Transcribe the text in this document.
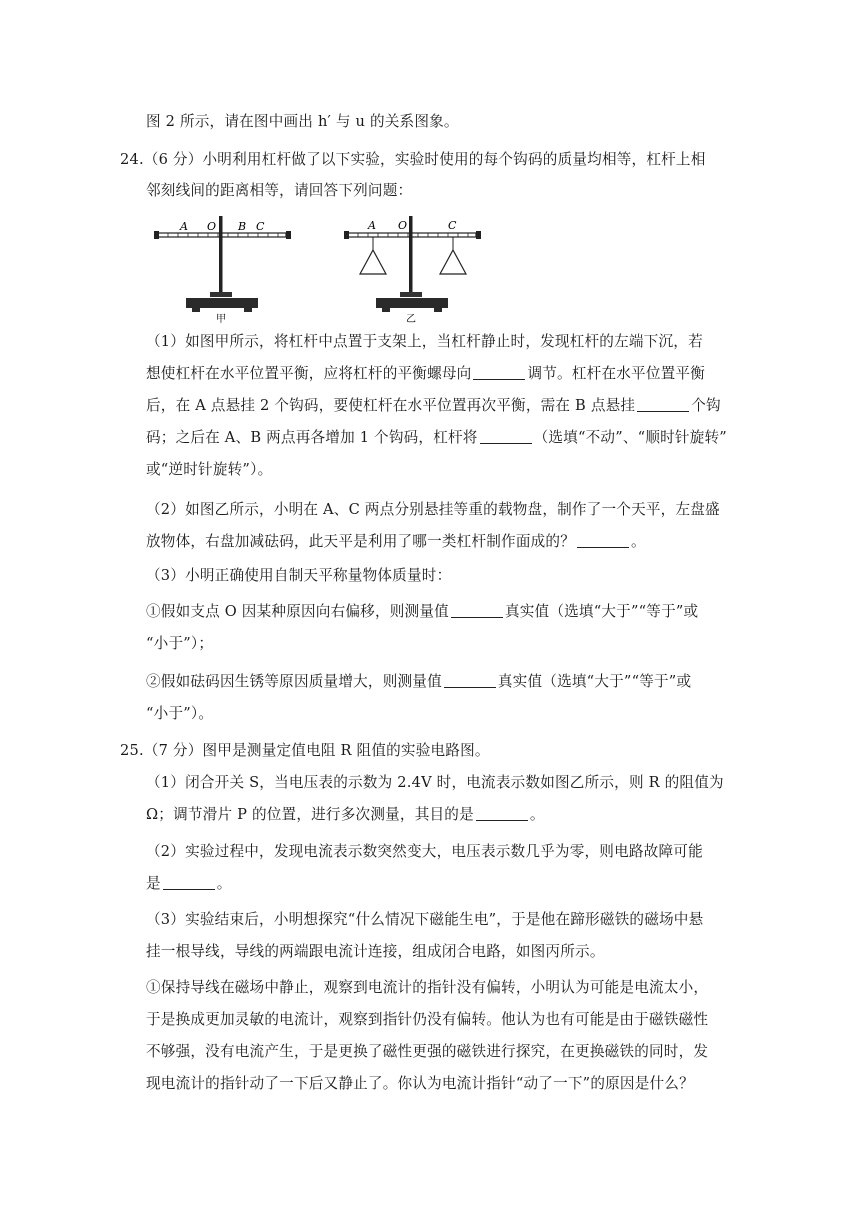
图 2 所示，请在图中画出 h′ 与 u 的关系图象。
24.（6 分）小明利用杠杆做了以下实验，实验时使用的每个钩码的质量均相等，杠杆上相
邻刻线间的距离相等，请回答下列问题：
A O B C
甲
A O	C
乙
（1）如图甲所示，将杠杆中点置于支架上，当杠杆静止时，发现杠杆的左端下沉，若
想使杠杆在水平位置平衡，应将杠杆的平衡螺母向	调节。杠杆在水平位置平衡
后，在 A 点悬挂 2 个钩码，要使杠杆在水平位置再次平衡，需在 B 点悬挂	个钩
码；之后在 A、B 两点再各增加 1 个钩码，杠杆将	（选填“不动”、“顺时针旋转”
或“逆时针旋转”）。
（2）如图乙所示，小明在 A、C 两点分别悬挂等重的载物盘，制作了一个天平，左盘盛
放物体，右盘加减砝码，此天平是利用了哪一类杠杆制作面成的？	。
（3）小明正确使用自制天平称量物体质量时：
①假如支点 O 因某种原因向右偏移，则测量值	真实值（选填“大于”“等于”或
“小于”）；
②假如砝码因生锈等原因质量增大，则测量值	真实值（选填“大于”“等于”或
“小于”）。
25.（7 分）图甲是测量定值电阻 R 阻值的实验电路图。
（1）闭合开关 S，当电压表的示数为 2.4V 时，电流表示数如图乙所示，则 R 的阻值为
Ω；调节滑片 P 的位置，进行多次测量，其目的是	。
（2）实验过程中，发现电流表示数突然变大，电压表示数几乎为零，则电路故障可能
是	。
（3）实验结束后，小明想探究“什么情况下磁能生电”，于是他在蹄形磁铁的磁场中悬
挂一根导线，导线的两端跟电流计连接，组成闭合电路，如图丙所示。
①保持导线在磁场中静止，观察到电流计的指针没有偏转，小明认为可能是电流太小，
于是换成更加灵敏的电流计，观察到指针仍没有偏转。他认为也有可能是由于磁铁磁性
不够强，没有电流产生，于是更换了磁性更强的磁铁进行探究，在更换磁铁的同时，发
现电流计的指针动了一下后又静止了。你认为电流计指针“动了一下”的原因是什么？
